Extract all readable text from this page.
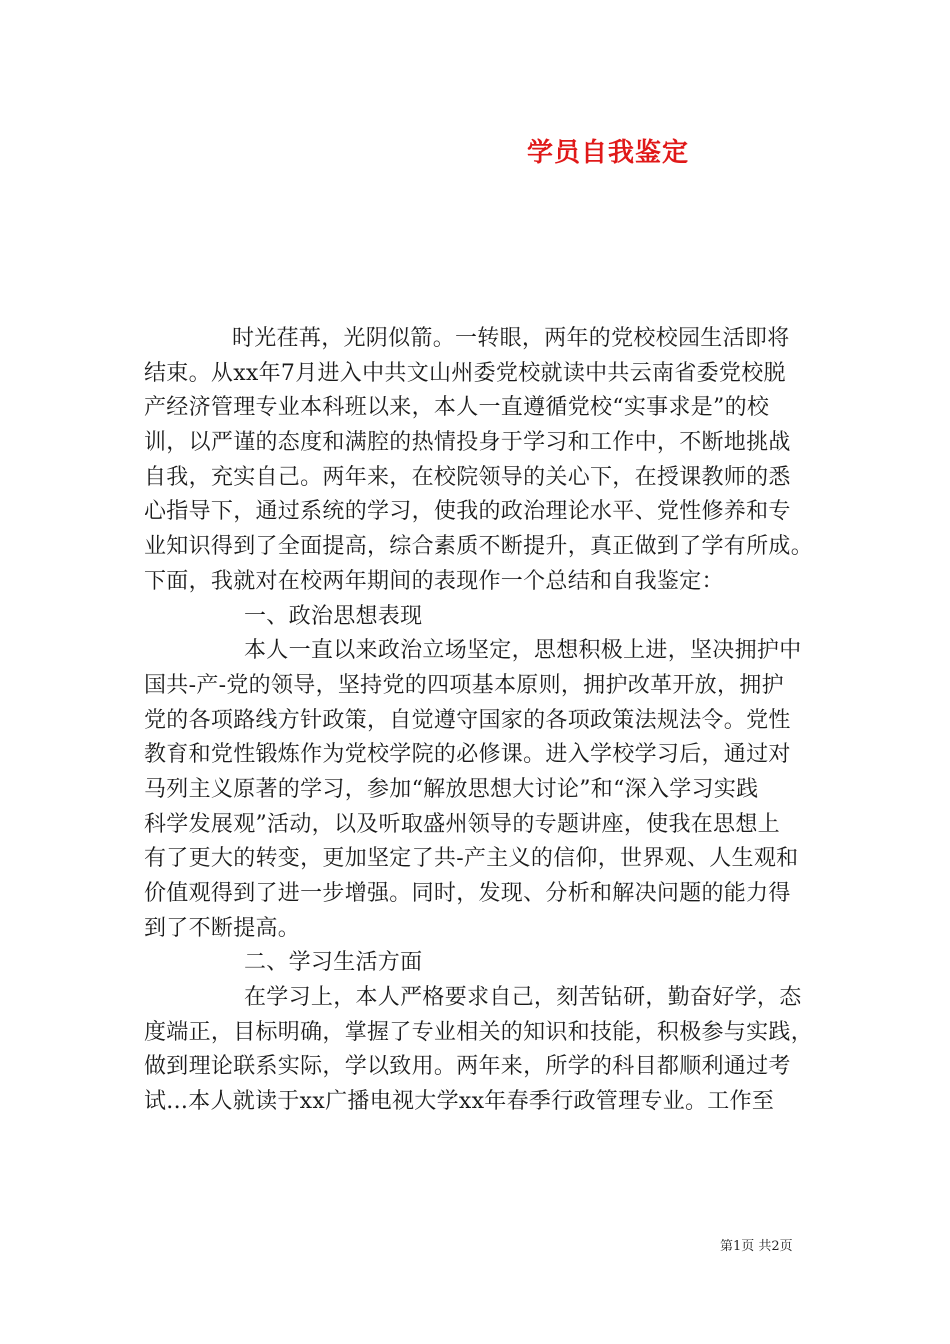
学员自我鉴定
时光荏苒，光阴似箭。一转眼，两年的党校校园生活即将
结束。从xx年7月进入中共文山州委党校就读中共云南省委党校脱
产经济管理专业本科班以来，本人一直遵循党校“实事求是”的校
训，以严谨的态度和满腔的热情投身于学习和工作中，不断地挑战
自我，充实自己。两年来，在校院领导的关心下，在授课教师的悉
心指导下，通过系统的学习，使我的政治理论水平、党性修养和专
业知识得到了全面提高，综合素质不断提升，真正做到了学有所成。
下面，我就对在校两年期间的表现作一个总结和自我鉴定：
一、政治思想表现
本人一直以来政治立场坚定，思想积极上进，坚决拥护中
国共-产-党的领导，坚持党的四项基本原则，拥护改革开放，拥护
党的各项路线方针政策，自觉遵守国家的各项政策法规法令。党性
教育和党性锻炼作为党校学院的必修课。进入学校学习后，通过对
马列主义原著的学习，参加“解放思想大讨论”和“深入学习实践
科学发展观”活动，以及听取盛州领导的专题讲座，使我在思想上
有了更大的转变，更加坚定了共-产主义的信仰，世界观、人生观和
价值观得到了进一步增强。同时，发现、分析和解决问题的能力得
到了不断提高。
二、学习生活方面
在学习上，本人严格要求自己，刻苦钻研，勤奋好学，态
度端正，目标明确，掌握了专业相关的知识和技能，积极参与实践，
做到理论联系实际，学以致用。两年来，所学的科目都顺利通过考
试...本人就读于xx广播电视大学xx年春季行政管理专业。工作至
第1页 共2页
